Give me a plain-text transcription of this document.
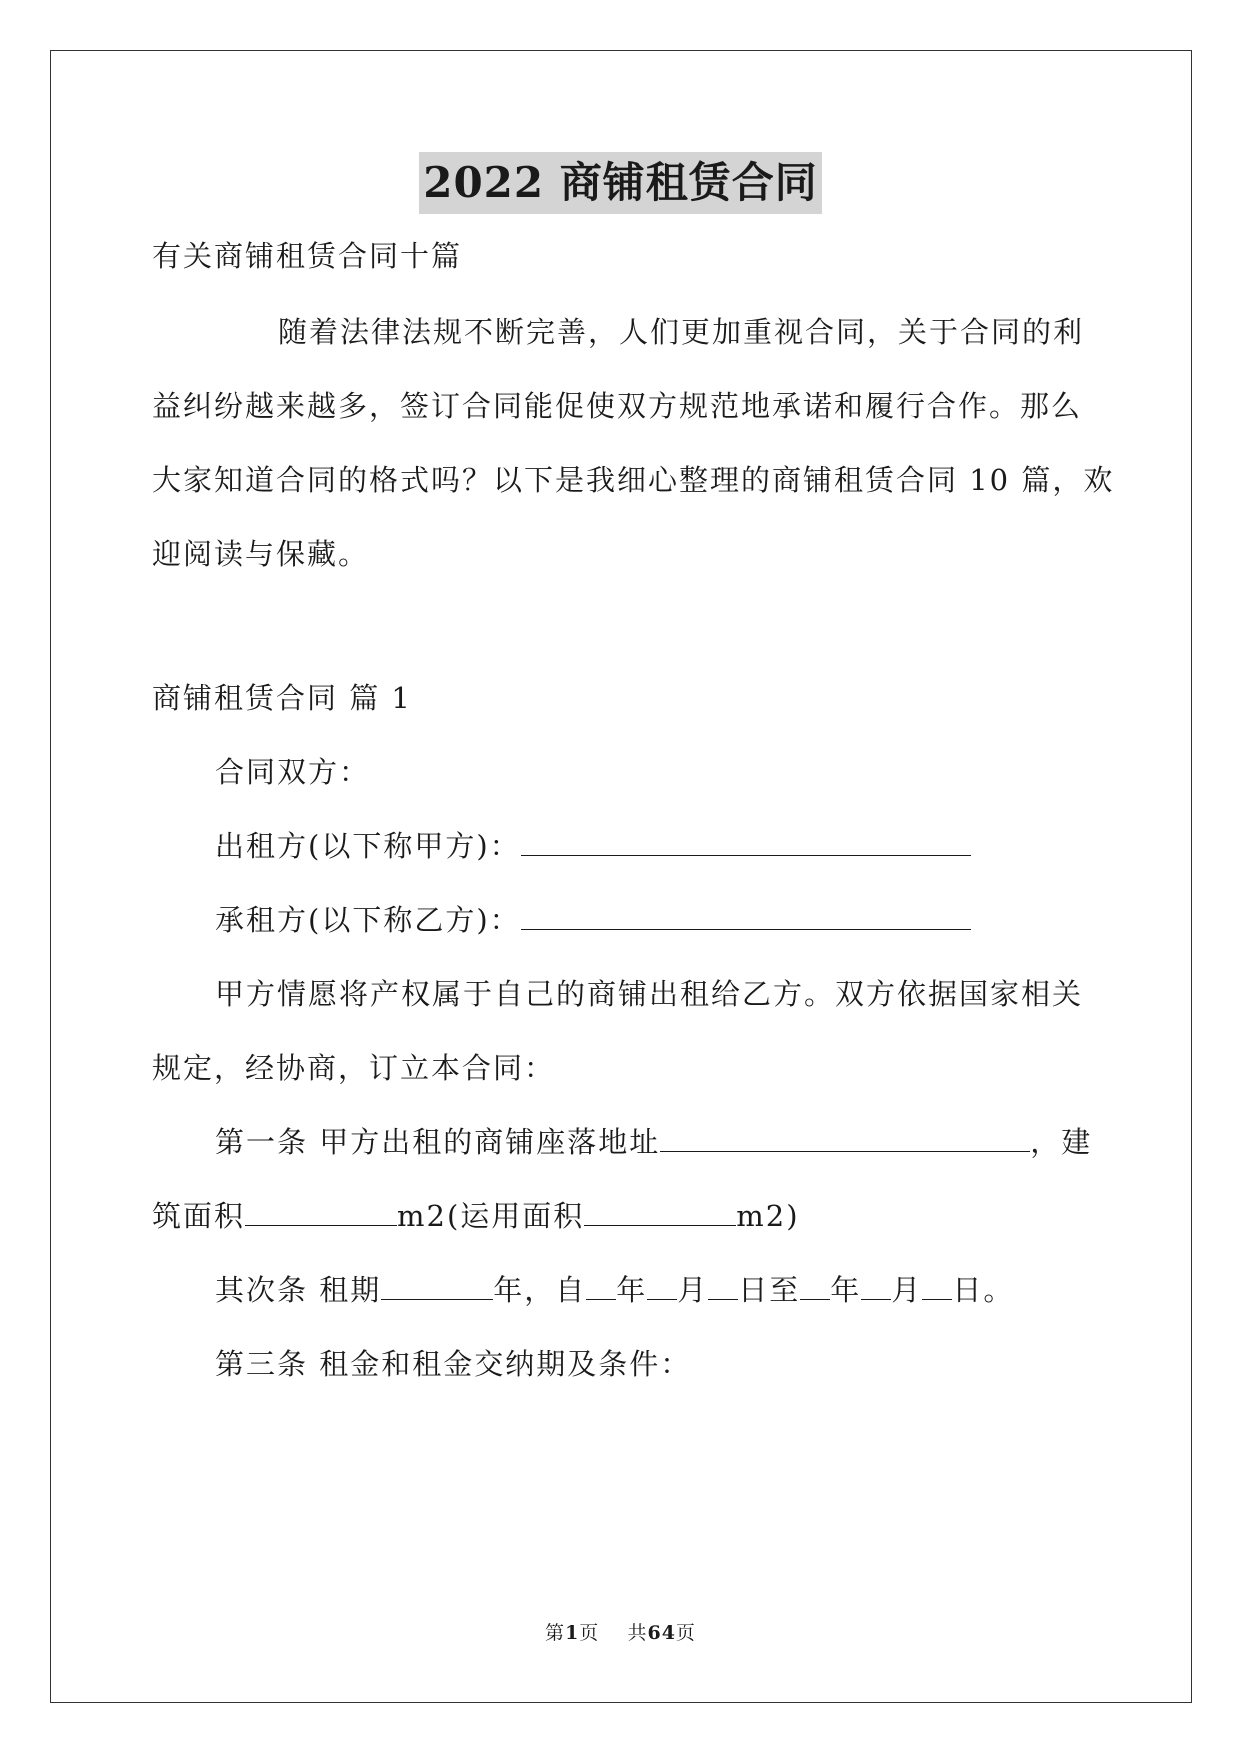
2022 商铺租赁合同
有关商铺租赁合同十篇
随着法律法规不断完善，人们更加重视合同，关于合同的利
益纠纷越来越多，签订合同能促使双方规范地承诺和履行合作。那么
大家知道合同的格式吗？以下是我细心整理的商铺租赁合同 10 篇，欢
迎阅读与保藏。
商铺租赁合同 篇 1
合同双方：
出租方(以下称甲方)：
承租方(以下称乙方)：
甲方情愿将产权属于自己的商铺出租给乙方。双方依据国家相关
规定，经协商，订立本合同：
第一条 甲方出租的商铺座落地址	，建
筑面积	m2(运用面积	m2)
其次条 租期	年，自 年 月 日至 年 月 日。
第三条 租金和租金交纳期及条件：
第1页    共64页
